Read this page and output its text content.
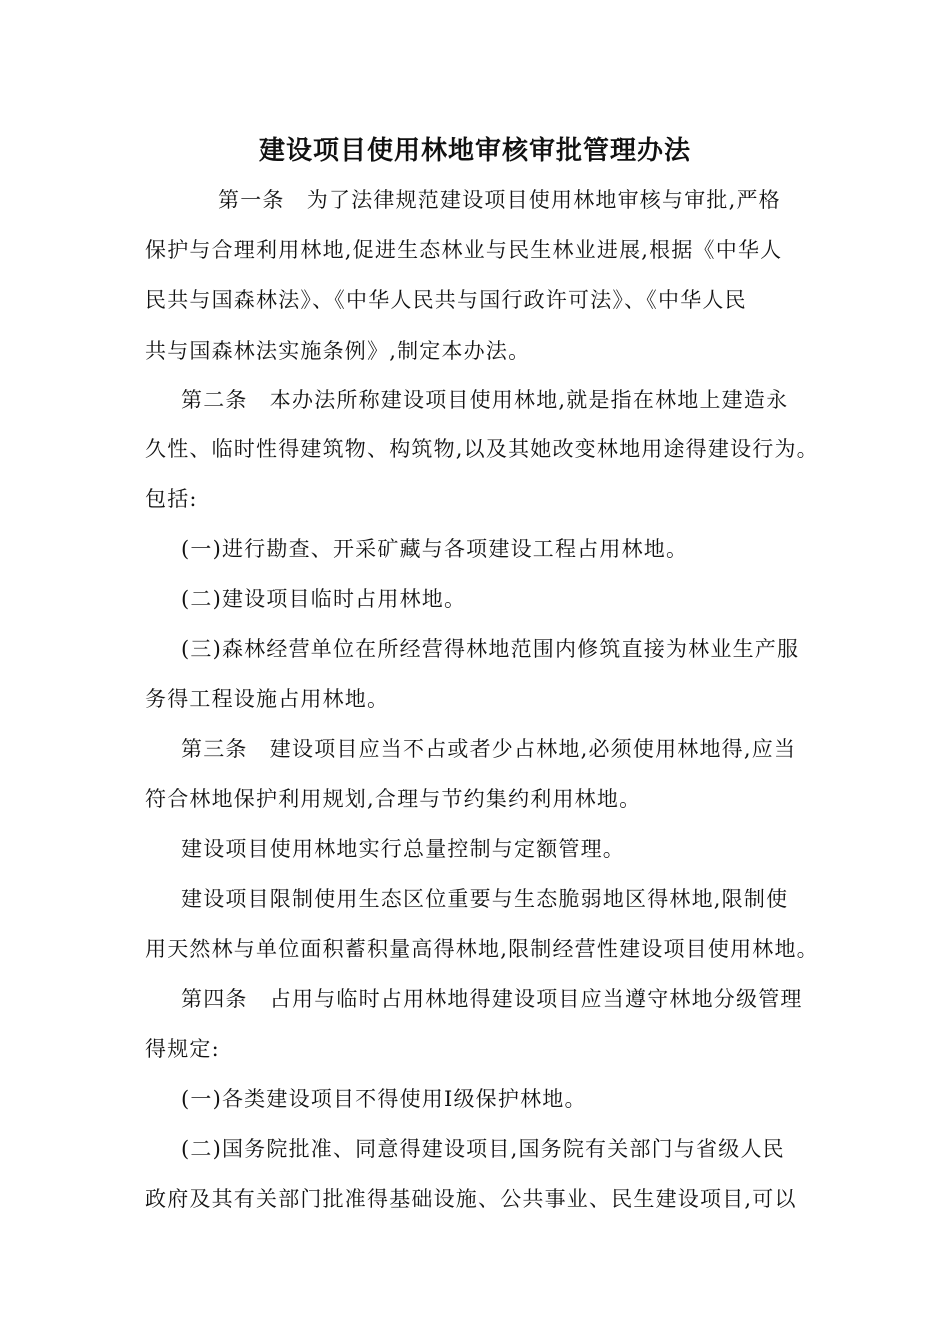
建设项目使用林地审核审批管理办法
第一条　为了法律规范建设项目使用林地审核与审批,严格
保护与合理利用林地,促进生态林业与民生林业进展,根据《中华人
民共与国森林法》、《中华人民共与国行政许可法》、《中华人民
共与国森林法实施条例》,制定本办法。
第二条　本办法所称建设项目使用林地,就是指在林地上建造永
久性、临时性得建筑物、构筑物,以及其她改变林地用途得建设行为。
包括:
(一)进行勘查、开采矿藏与各项建设工程占用林地。
(二)建设项目临时占用林地。
(三)森林经营单位在所经营得林地范围内修筑直接为林业生产服
务得工程设施占用林地。
第三条　建设项目应当不占或者少占林地,必须使用林地得,应当
符合林地保护利用规划,合理与节约集约利用林地。
建设项目使用林地实行总量控制与定额管理。
建设项目限制使用生态区位重要与生态脆弱地区得林地,限制使
用天然林与单位面积蓄积量高得林地,限制经营性建设项目使用林地。
第四条　占用与临时占用林地得建设项目应当遵守林地分级管理
得规定:
(一)各类建设项目不得使用Ⅰ级保护林地。
(二)国务院批准、同意得建设项目,国务院有关部门与省级人民
政府及其有关部门批准得基础设施、公共事业、民生建设项目,可以
